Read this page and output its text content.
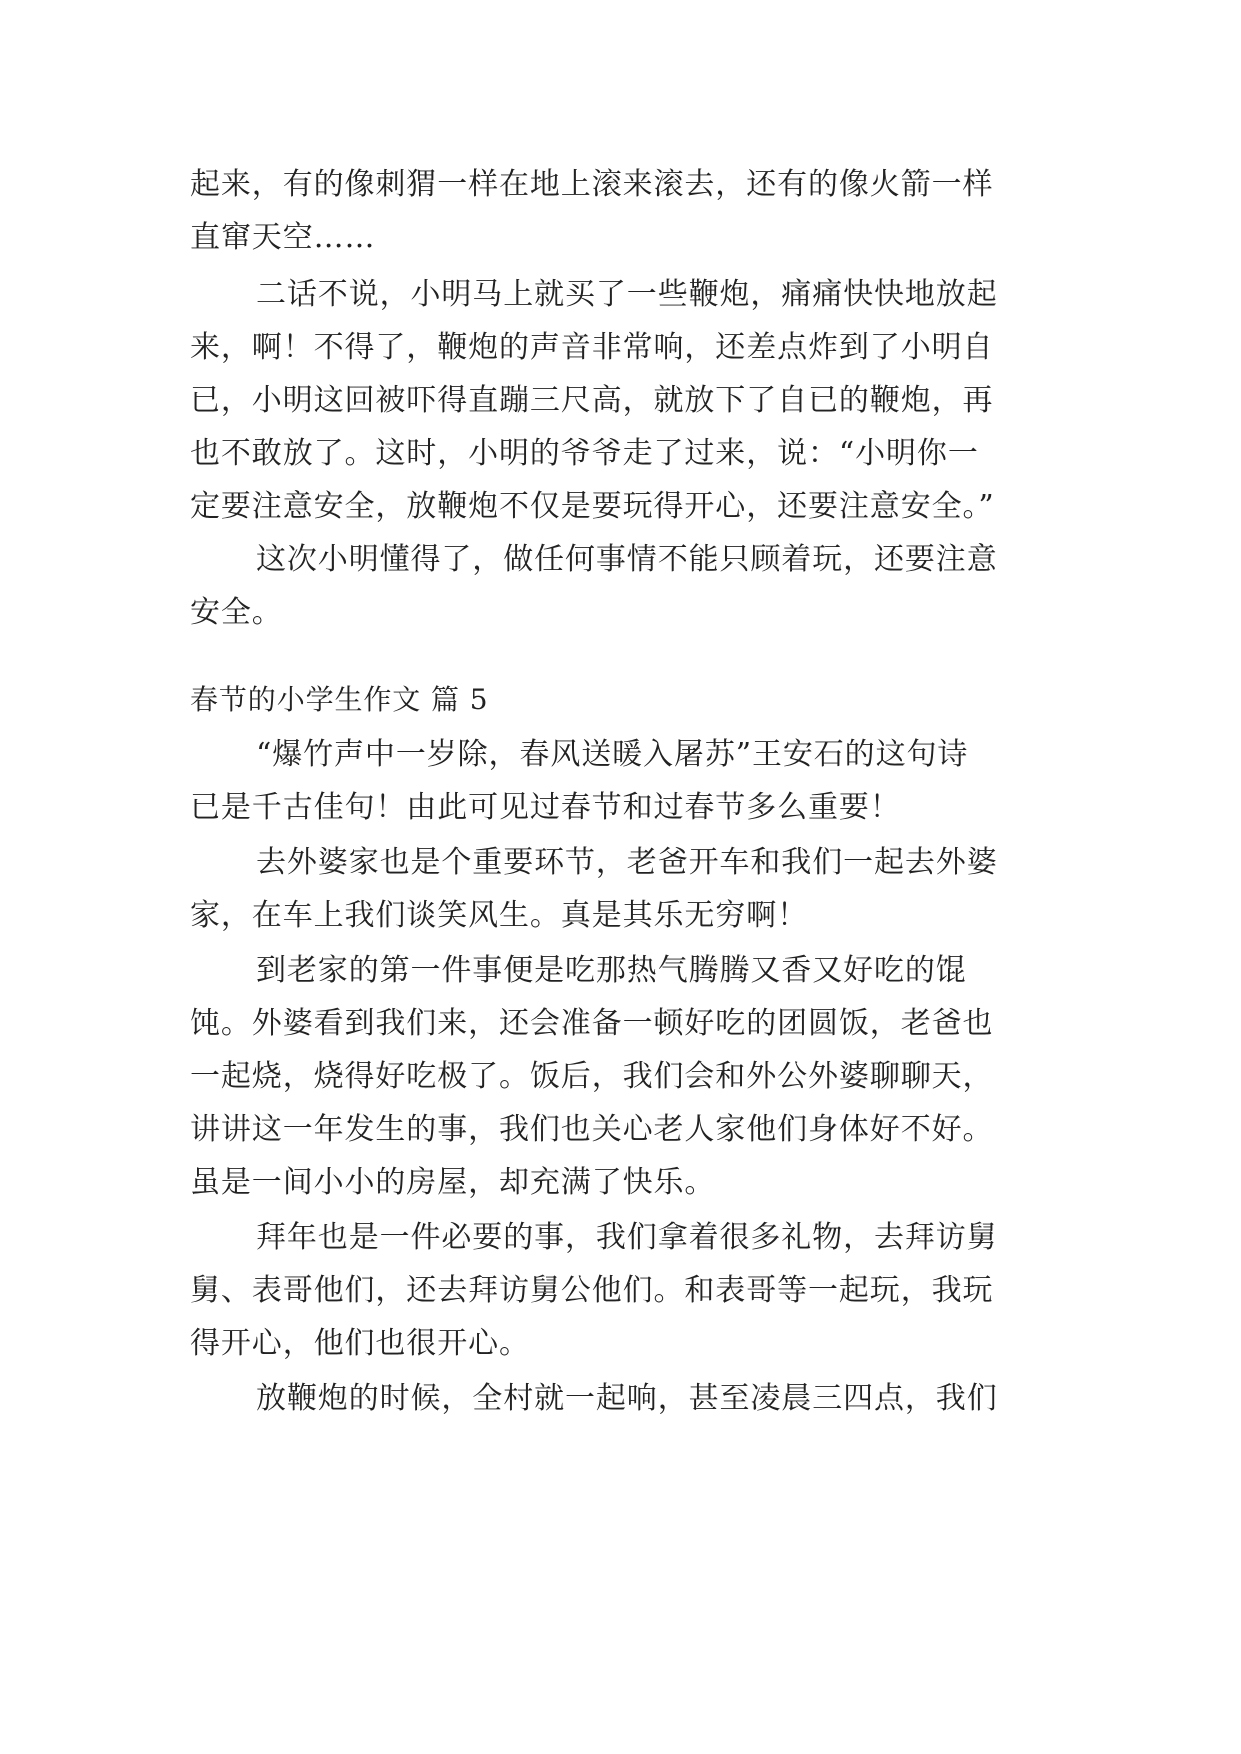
起来，有的像刺猬一样在地上滚来滚去，还有的像火箭一样
直窜天空……
二话不说，小明马上就买了一些鞭炮，痛痛快快地放起
来，啊！不得了，鞭炮的声音非常响，还差点炸到了小明自
已，小明这回被吓得直蹦三尺高，就放下了自已的鞭炮，再
也不敢放了。这时，小明的爷爷走了过来，说：“小明你一
定要注意安全，放鞭炮不仅是要玩得开心，还要注意安全。”
这次小明懂得了，做任何事情不能只顾着玩，还要注意
安全。
春节的小学生作文 篇 5
“爆竹声中一岁除，春风送暖入屠苏”王安石的这句诗
已是千古佳句！由此可见过春节和过春节多么重要！
去外婆家也是个重要环节，老爸开车和我们一起去外婆
家，在车上我们谈笑风生。真是其乐无穷啊！
到老家的第一件事便是吃那热气腾腾又香又好吃的馄
饨。外婆看到我们来，还会准备一顿好吃的团圆饭，老爸也
一起烧，烧得好吃极了。饭后，我们会和外公外婆聊聊天，
讲讲这一年发生的事，我们也关心老人家他们身体好不好。
虽是一间小小的房屋，却充满了快乐。
拜年也是一件必要的事，我们拿着很多礼物，去拜访舅
舅、表哥他们，还去拜访舅公他们。和表哥等一起玩，我玩
得开心，他们也很开心。
放鞭炮的时候，全村就一起响，甚至凌晨三四点，我们
